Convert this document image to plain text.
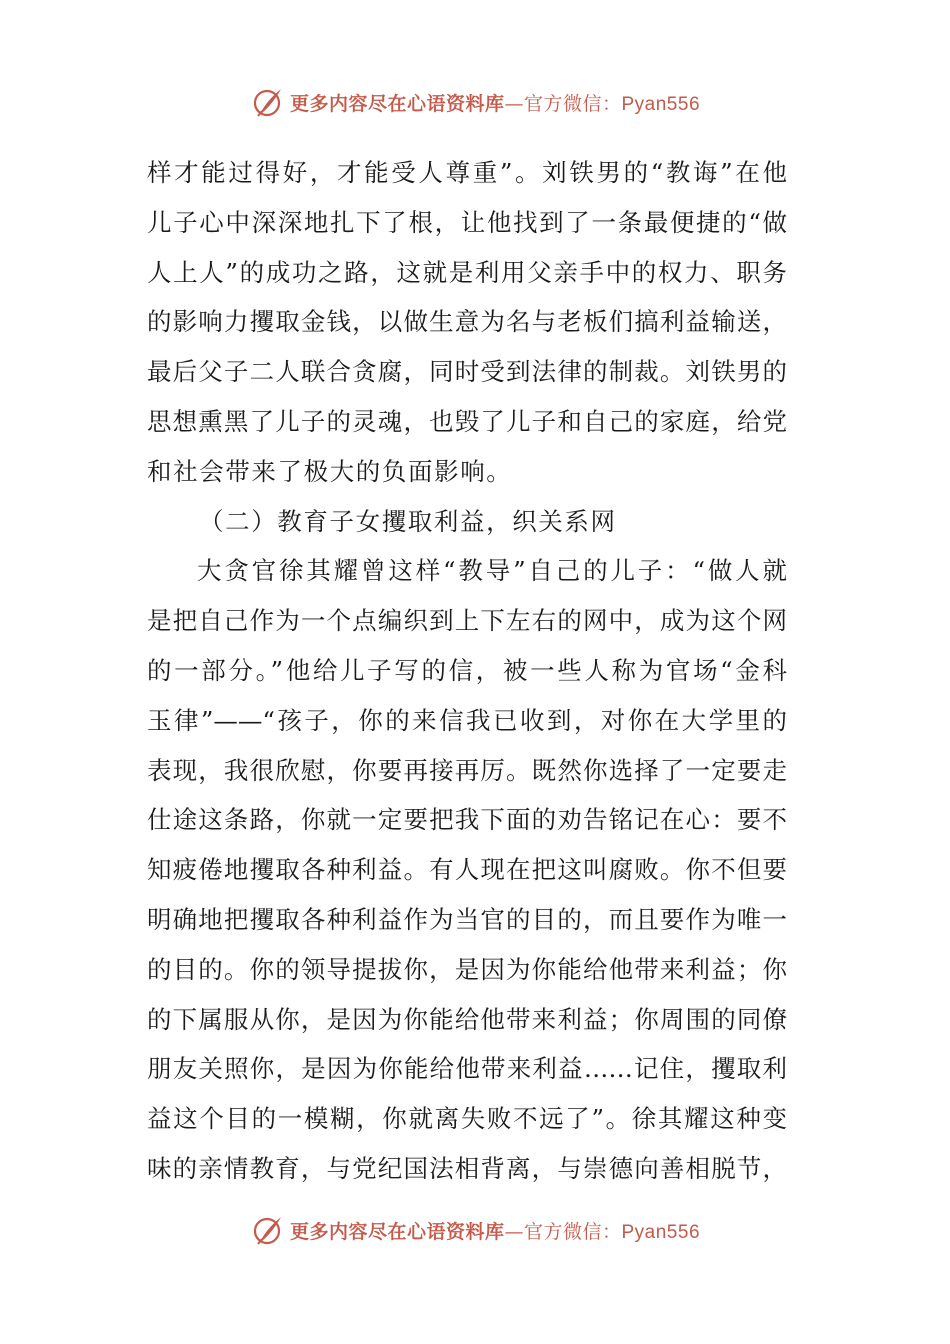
更多内容尽在心语资料库—官方微信：Pyan556
样才能过得好，才能受人尊重”。刘铁男的“教诲”在他
儿子心中深深地扎下了根，让他找到了一条最便捷的“做
人上人”的成功之路，这就是利用父亲手中的权力、职务
的影响力攫取金钱，以做生意为名与老板们搞利益输送，
最后父子二人联合贪腐，同时受到法律的制裁。刘铁男的
思想熏黑了儿子的灵魂，也毁了儿子和自己的家庭，给党
和社会带来了极大的负面影响。
（二）教育子女攫取利益，织关系网
大贪官徐其耀曾这样“教导”自己的儿子：“做人就
是把自己作为一个点编织到上下左右的网中，成为这个网
的一部分。”他给儿子写的信，被一些人称为官场“金科
玉律”——“孩子，你的来信我已收到，对你在大学里的
表现，我很欣慰，你要再接再厉。既然你选择了一定要走
仕途这条路，你就一定要把我下面的劝告铭记在心：要不
知疲倦地攫取各种利益。有人现在把这叫腐败。你不但要
明确地把攫取各种利益作为当官的目的，而且要作为唯一
的目的。你的领导提拔你，是因为你能给他带来利益；你
的下属服从你，是因为你能给他带来利益；你周围的同僚
朋友关照你，是因为你能给他带来利益……记住，攫取利
益这个目的一模糊，你就离失败不远了”。徐其耀这种变
味的亲情教育，与党纪国法相背离，与崇德向善相脱节，
更多内容尽在心语资料库—官方微信：Pyan556
